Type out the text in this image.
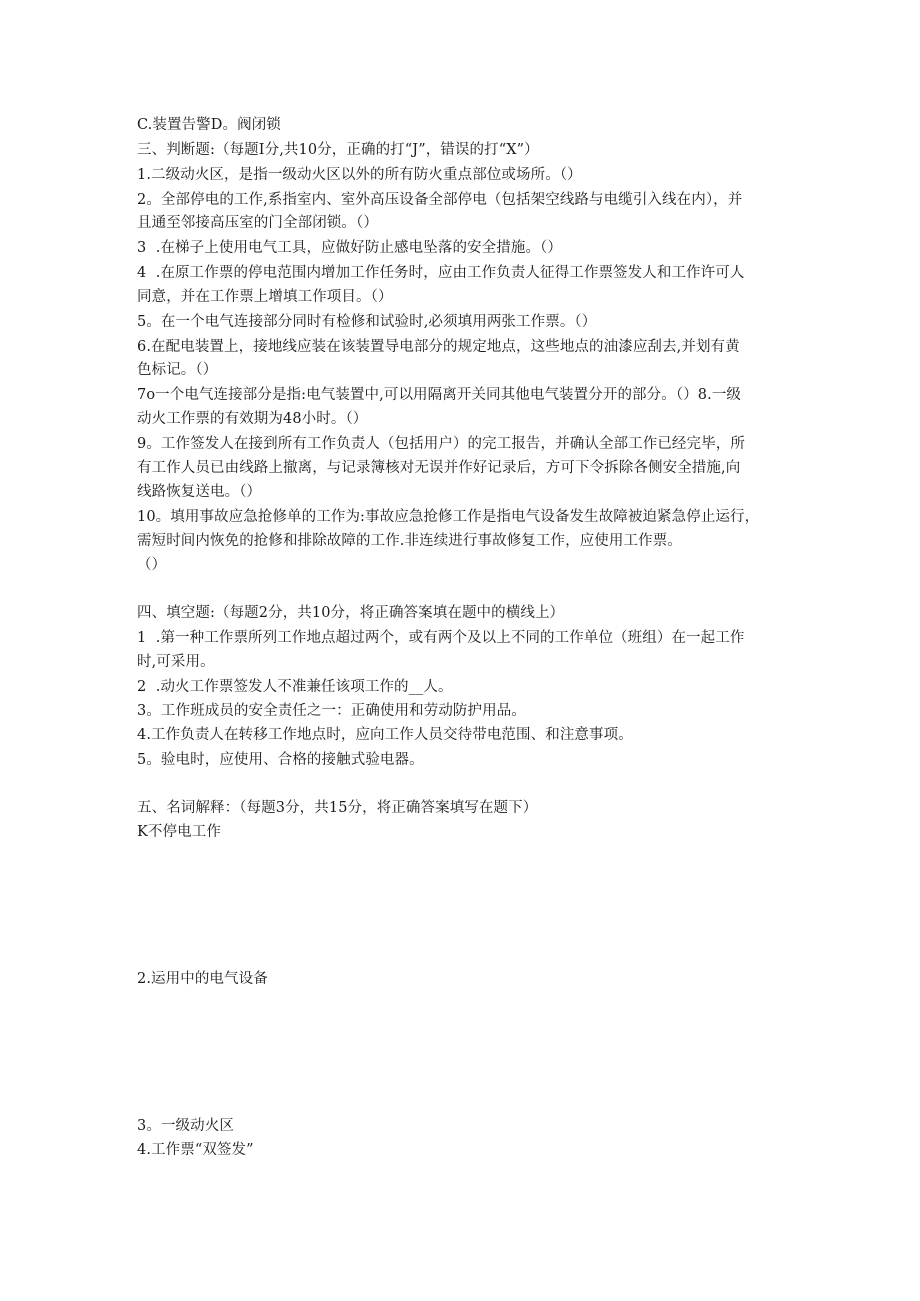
C.装置告警D。阀闭锁
三、判断题:（每题I分,共10分，正确的打“J”，错误的打“X”）
1.二级动火区，是指一级动火区以外的所有防火重点部位或场所。（）
2。全部停电的工作,系指室内、室外高压设备全部停电（包括架空线路与电缆引入线在内），并
且通至邻接高压室的门全部闭锁。（）
3  .在梯子上使用电气工具，应做好防止感电坠落的安全措施。（）
4  .在原工作票的停电范围内增加工作任务时，应由工作负责人征得工作票签发人和工作许可人
同意，并在工作票上增填工作项目。（）
5。在一个电气连接部分同时有检修和试验时,必须填用两张工作票。（）
6.在配电装置上，接地线应装在该装置导电部分的规定地点，这些地点的油漆应刮去,并划有黄
色标记。（）
7o一个电气连接部分是指:电气装置中,可以用隔离开关同其他电气装置分开的部分。（）8.一级
动火工作票的有效期为48小时。（）
9。工作签发人在接到所有工作负责人（包括用户）的完工报告，并确认全部工作已经完毕，所
有工作人员已由线路上撤离，与记录簿核对无误并作好记录后，方可下令拆除各侧安全措施,向
线路恢复送电。（）
10。填用事故应急抢修单的工作为:事故应急抢修工作是指电气设备发生故障被迫紧急停止运行，
需短时间内恢免的抢修和排除故障的工作.非连续进行事故修复工作，应使用工作票。
（）
四、填空题:（每题2分，共10分，将正确答案填在题中的横线上）
1  .第一种工作票所列工作地点超过两个，或有两个及以上不同的工作单位（班组）在一起工作
时,可采用。
2  .动火工作票签发人不准兼任该项工作的__人。
3。工作班成员的安全责任之一：正确使用和劳动防护用品。
4.工作负责人在转移工作地点时，应向工作人员交待带电范围、和注意事项。
5。验电时，应使用、合格的接触式验电器。
五、名词解释：（每题3分，共15分，将正确答案填写在题下）
K不停电工作
2.运用中的电气设备
3。一级动火区
4.工作票“双签发”
